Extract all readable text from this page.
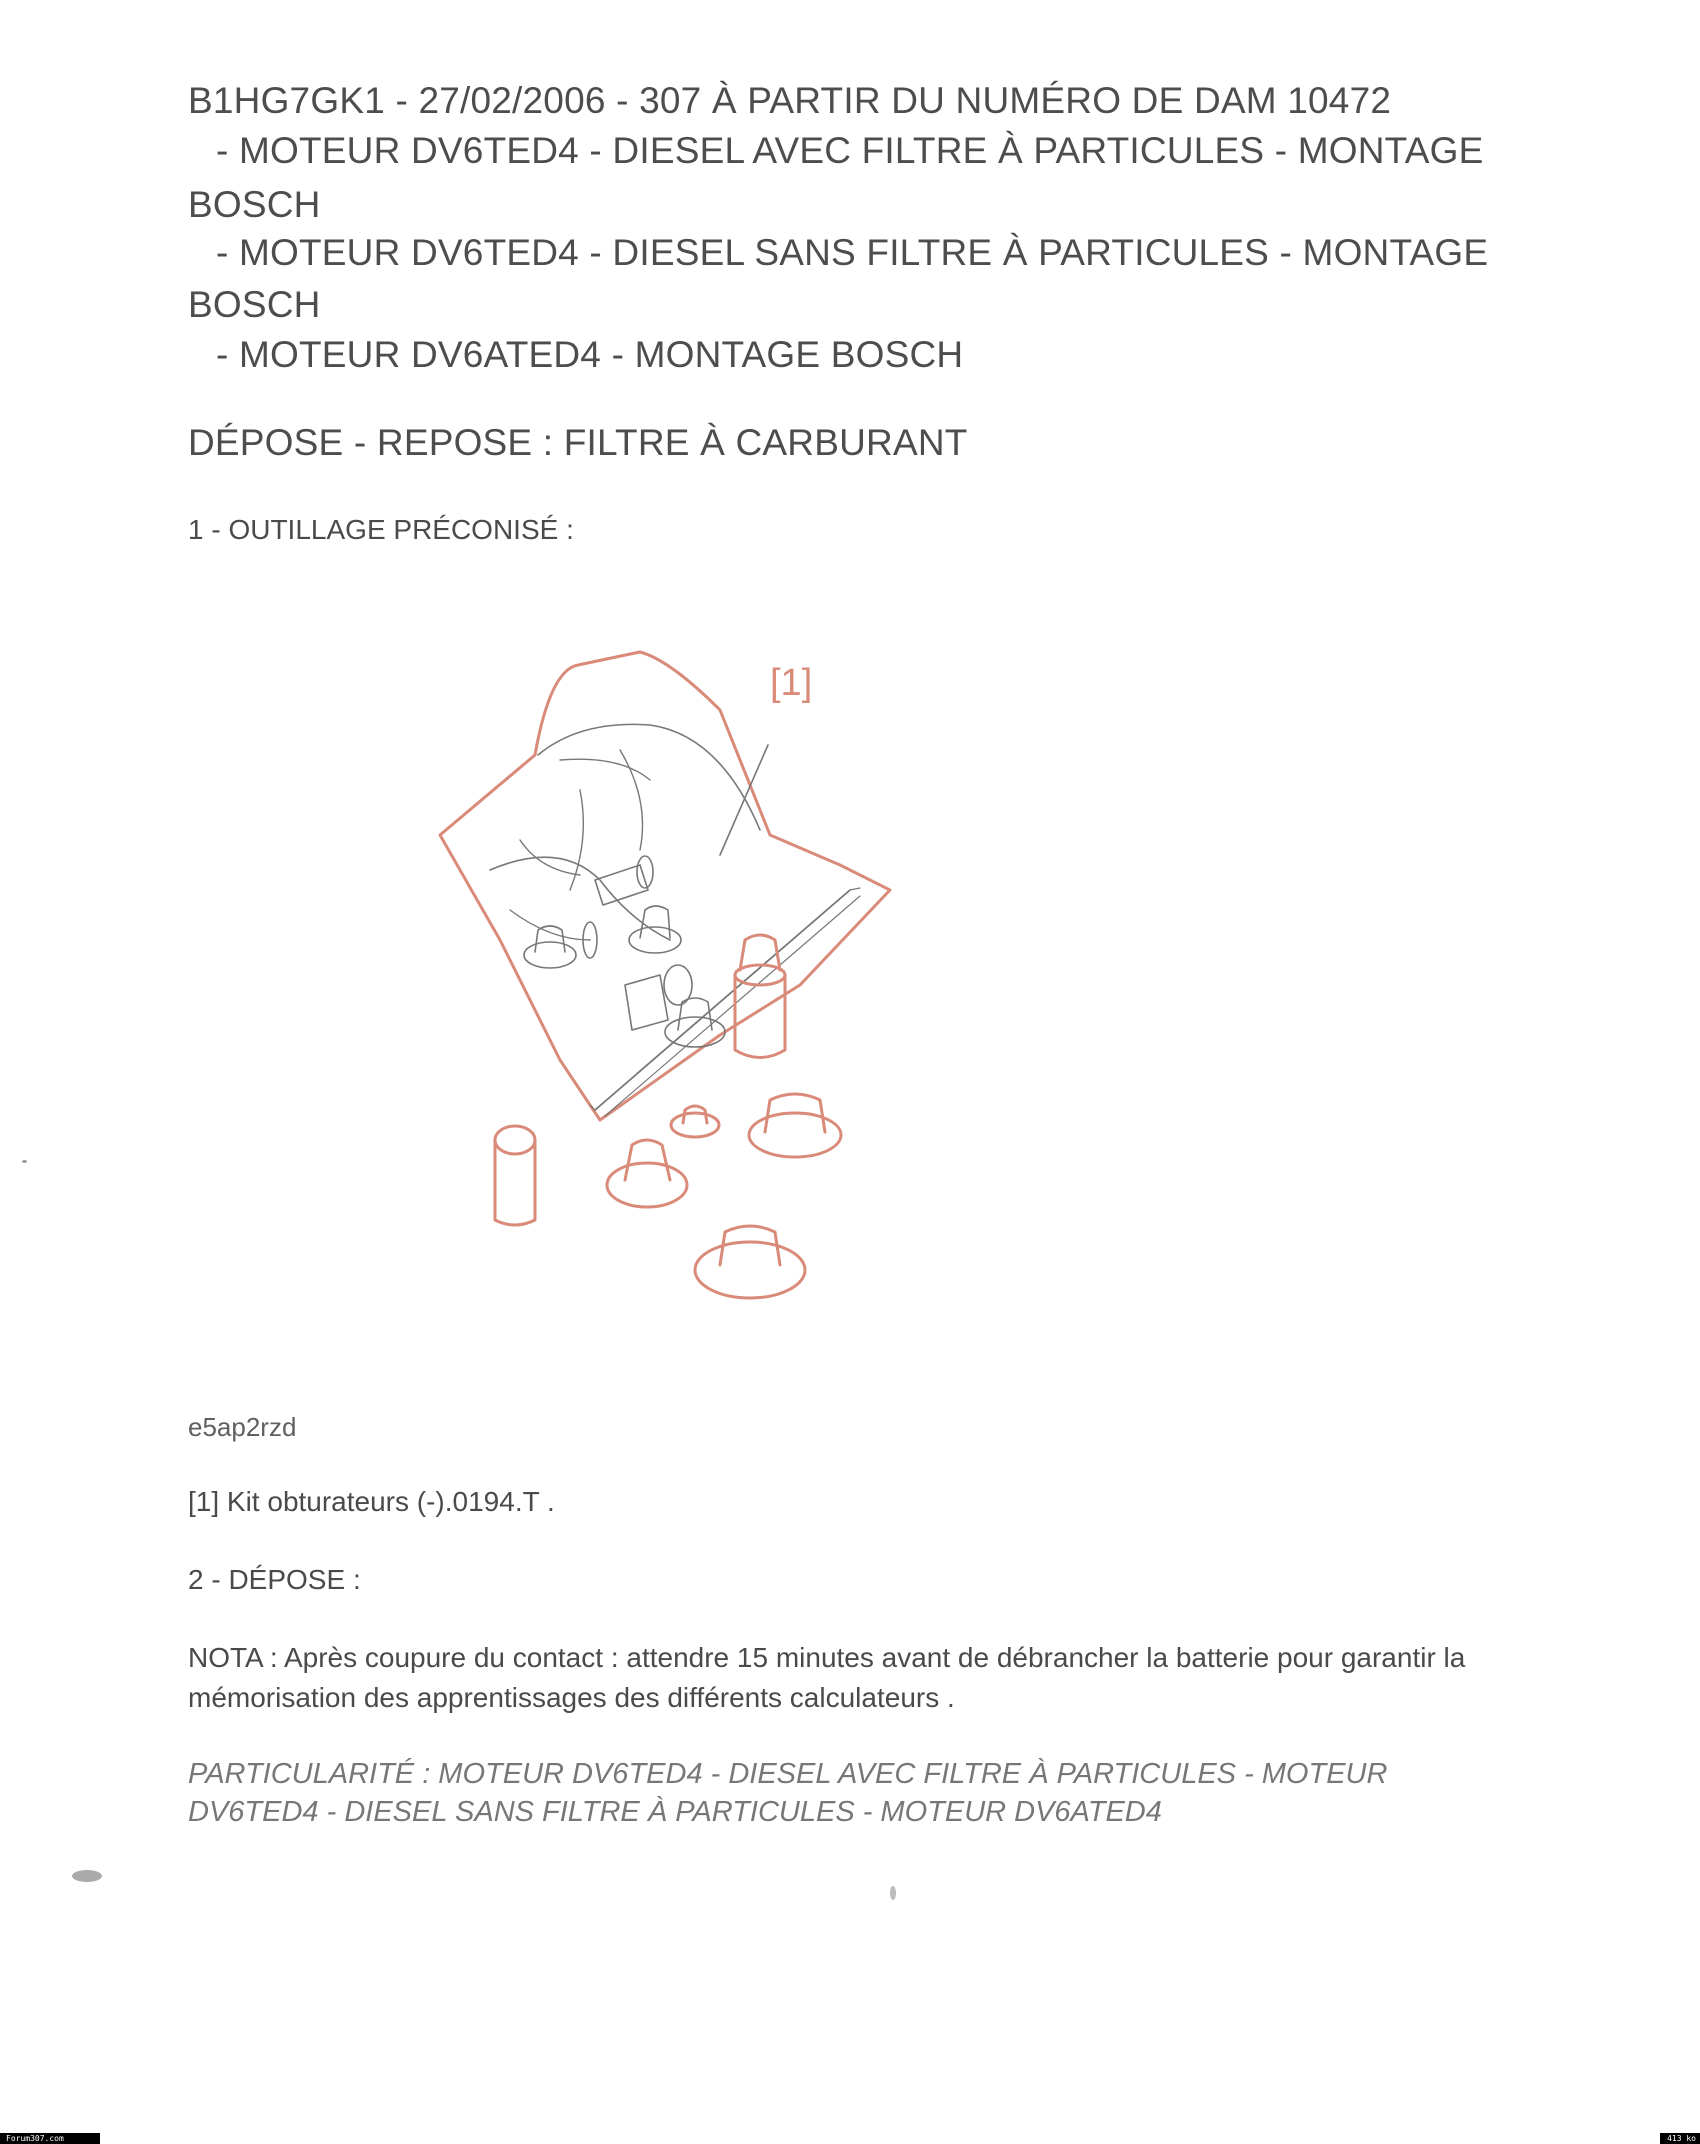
B1HG7GK1 - 27/02/2006 - 307 À PARTIR DU NUMÉRO DE DAM 10472
- MOTEUR DV6TED4 - DIESEL AVEC FILTRE À PARTICULES - MONTAGE
BOSCH
- MOTEUR DV6TED4 - DIESEL SANS FILTRE À PARTICULES - MONTAGE
BOSCH
- MOTEUR DV6ATED4 - MONTAGE BOSCH
DÉPOSE - REPOSE : FILTRE À CARBURANT
1 - OUTILLAGE PRÉCONISÉ :
[1]
e5ap2rzd
[1] Kit obturateurs (-).0194.T .
2 - DÉPOSE :
NOTA : Après coupure du contact : attendre 15 minutes avant de débrancher la batterie pour garantir la
mémorisation des apprentissages des différents calculateurs .
PARTICULARITÉ : MOTEUR DV6TED4 - DIESEL AVEC FILTRE À PARTICULES - MOTEUR
DV6TED4 - DIESEL SANS FILTRE À PARTICULES - MOTEUR DV6ATED4
Forum307.com	413 ko
